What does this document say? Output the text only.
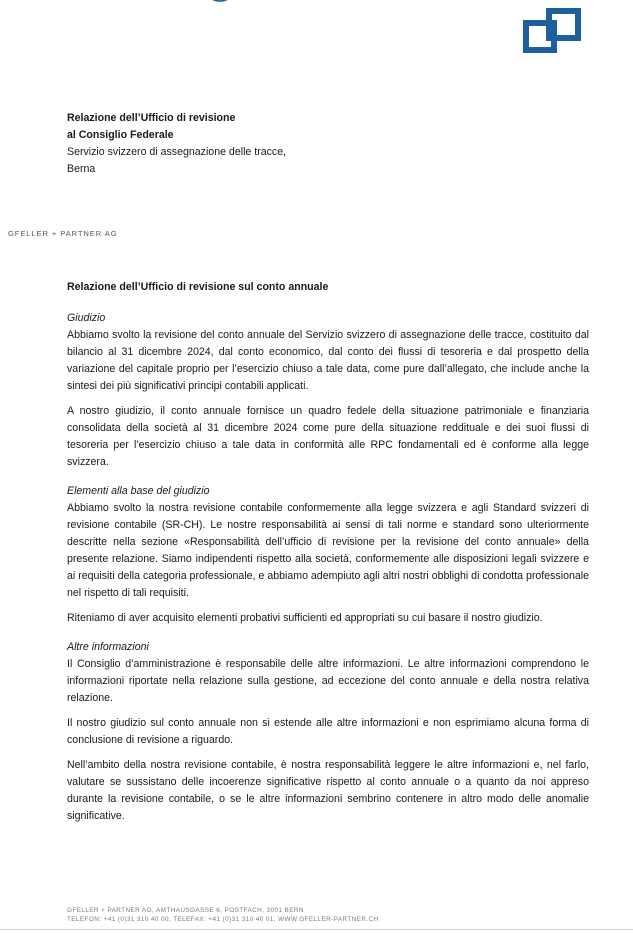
Relazione dell’Ufficio di revisione
al Consiglio Federale
Servizio svizzero di assegnazione delle tracce,
Berna
GFELLER + PARTNER AG
Relazione dell’Ufficio di revisione sul conto annuale
Giudizio

Abbiamo svolto la revisione del conto annuale del Servizio svizzero di assegnazione delle tracce, costituito dal bilancio al 31 dicembre 2024, dal conto economico, dal conto dei flussi di tesoreria e dal prospetto della variazione del capitale proprio per l’esercizio chiuso a tale data, come pure dall’allegato, che include anche la sintesi dei più significativi principi contabili applicati.

A nostro giudizio, il conto annuale fornisce un quadro fedele della situazione patrimoniale e finanziaria consolidata della società al 31 dicembre 2024 come pure della situazione reddituale e dei suoi flussi di tesoreria per l’esercizio chiuso a tale data in conformità alle RPC fondamentali ed è conforme alla legge svizzera.

Elementi alla base del giudizio

Abbiamo svolto la nostra revisione contabile conformemente alla legge svizzera e agli Standard svizzeri di revisione contabile (SR-CH). Le nostre responsabilità ai sensi di tali norme e standard sono ulteriormente descritte nella sezione «Responsabilità dell’ufficio di revisione per la revisione del conto annuale» della presente relazione. Siamo indipendenti rispetto alla società, conformemente alle disposizioni legali svizzere e ai requisiti della categoria professionale, e abbiamo adempiuto agli altri nostri obblighi di condotta professionale nel rispetto di tali requisiti.

Riteniamo di aver acquisito elementi probativi sufficienti ed appropriati su cui basare il nostro giudizio.

Altre informazioni

Il Consiglio d’amministrazione è responsabile delle altre informazioni. Le altre informazioni comprendono le informazioni riportate nella relazione sulla gestione, ad eccezione del conto annuale e della nostra relativa relazione.

Il nostro giudizio sul conto annuale non si estende alle altre informazioni e non esprimiamo alcuna forma di conclusione di revisione a riguardo.

Nell’ambito della nostra revisione contabile, è nostra responsabilità leggere le altre informazioni e, nel farlo, valutare se sussistano delle incoerenze significative rispetto al conto annuale o a quanto da noi appreso durante la revisione contabile, o se le altre informazioni sembrino contenere in altro modo delle anomalie significative.

GFELLER + PARTNER AG, AMTHAUSGASSE 6, POSTFACH, 3001 BERN
TELEFON: +41 (0)31 310 40 00, TELEFAX: +41 (0)31 310 40 01, WWW.GFELLER-PARTNER.CH
